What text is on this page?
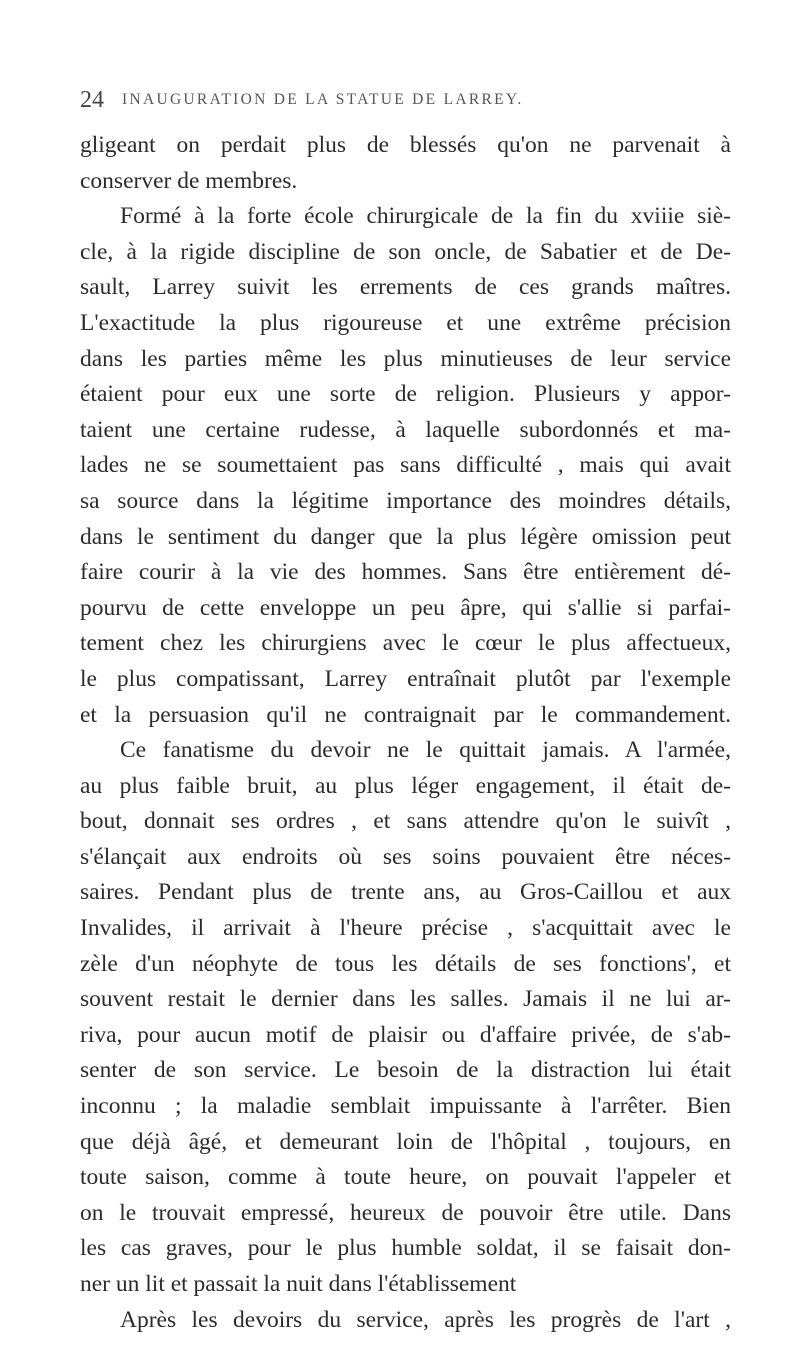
24 INAUGURATION DE LA STATUE DE LARREY.
gligeant on perdait plus de blessés qu'on ne parvenait à
conserver de membres.
Formé à la forte école chirurgicale de la fin du xviiie siè-
cle, à la rigide discipline de son oncle, de Sabatier et de De-
sault, Larrey suivit les errements de ces grands maîtres.
L'exactitude la plus rigoureuse et une extrême précision
dans les parties même les plus minutieuses de leur service
étaient pour eux une sorte de religion. Plusieurs y appor-
taient une certaine rudesse, à laquelle subordonnés et ma-
lades ne se soumettaient pas sans difficulté , mais qui avait
sa source dans la légitime importance des moindres détails,
dans le sentiment du danger que la plus légère omission peut
faire courir à la vie des hommes. Sans être entièrement dé-
pourvu de cette enveloppe un peu âpre, qui s'allie si parfai-
tement chez les chirurgiens avec le cœur le plus affectueux,
le plus compatissant, Larrey entraînait plutôt par l'exemple
et la persuasion qu'il ne contraignait par le commandement.
Ce fanatisme du devoir ne le quittait jamais. A l'armée,
au plus faible bruit, au plus léger engagement, il était de-
bout, donnait ses ordres , et sans attendre qu'on le suivît ,
s'élançait aux endroits où ses soins pouvaient être néces-
saires. Pendant plus de trente ans, au Gros-Caillou et aux
Invalides, il arrivait à l'heure précise , s'acquittait avec le
zèle d'un néophyte de tous les détails de ses fonctions', et
souvent restait le dernier dans les salles. Jamais il ne lui ar-
riva, pour aucun motif de plaisir ou d'affaire privée, de s'ab-
senter de son service. Le besoin de la distraction lui était
inconnu ; la maladie semblait impuissante à l'arrêter. Bien
que déjà âgé, et demeurant loin de l'hôpital , toujours, en
toute saison, comme à toute heure, on pouvait l'appeler et
on le trouvait empressé, heureux de pouvoir être utile. Dans
les cas graves, pour le plus humble soldat, il se faisait don-
ner un lit et passait la nuit dans l'établissement
Après les devoirs du service, après les progrès de l'art ,
